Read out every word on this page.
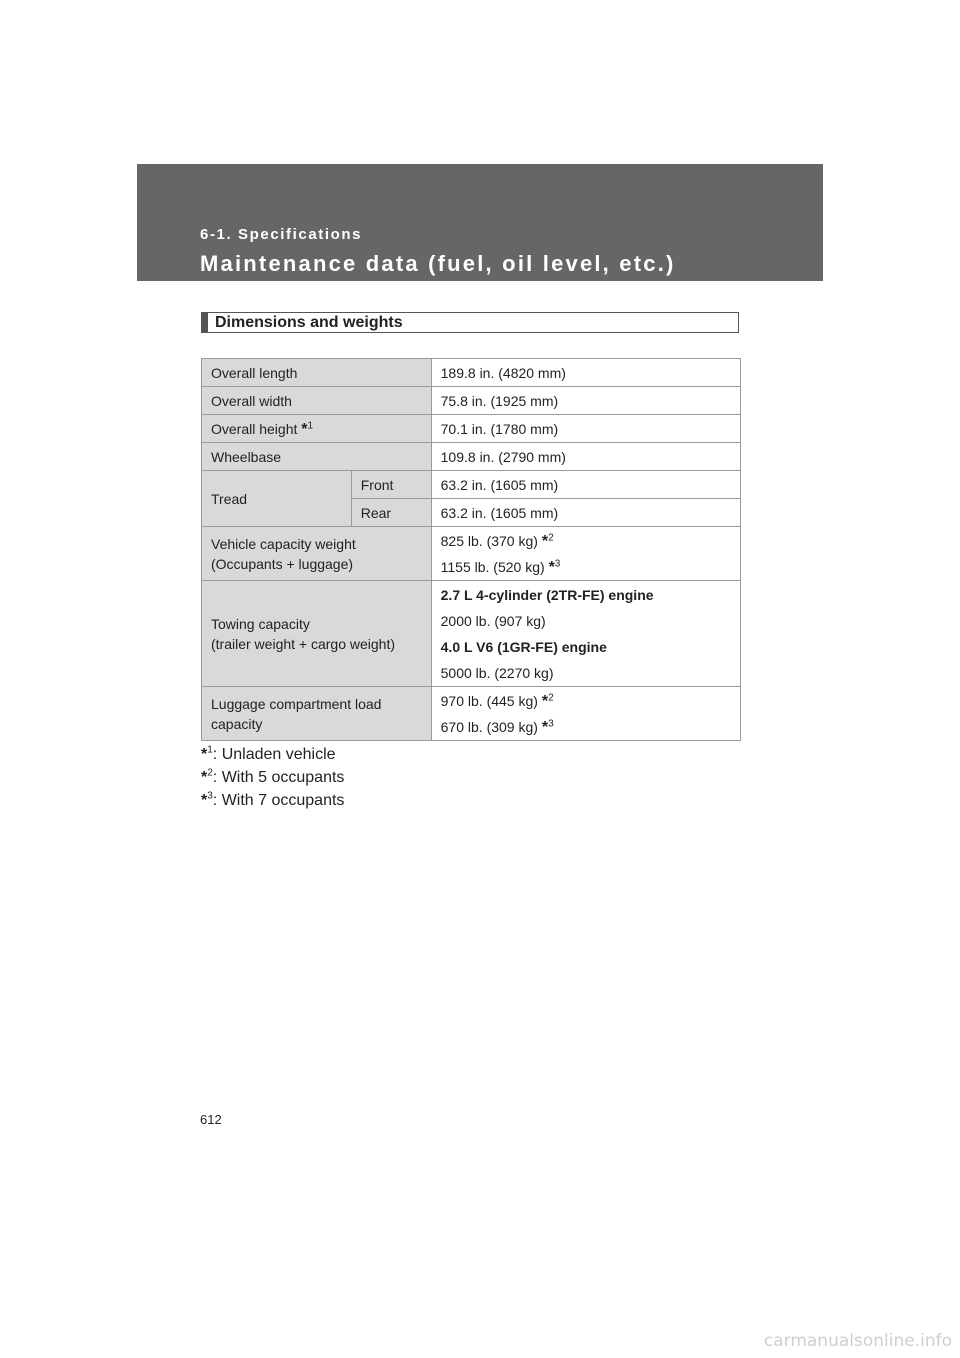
6-1. Specifications
Maintenance data (fuel, oil level, etc.)
Dimensions and weights
Overall length		189.8 in. (4820 mm)
Overall width		75.8 in. (1925 mm)
Overall height *$^1$		70.1 in. (1780 mm)
Wheelbase		109.8 in. (2790 mm)
Tread	Front	63.2 in. (1605 mm)
	Rear	63.2 in. (1605 mm)

Vehicle capacity weight
(Occupants + luggage)		825 lb. (370 kg) *$^2$
1155 lb. (520 kg) *$^3$

Towing capacity
(trailer weight + cargo weight)		2.7 L 4-cylinder (2TR-FE) engine
2000 lb. (907 kg)
4.0 L V6 (1GR-FE) engine
5000 lb. (2270 kg)

Luggage compartment load
capacity		970 lb. (445 kg) *$^2$
670 lb. (309 kg) *$^3$
*$^1$: Unladen vehicle
*$^2$: With 5 occupants
*$^3$: With 7 occupants
612
carmanualsonline.info
